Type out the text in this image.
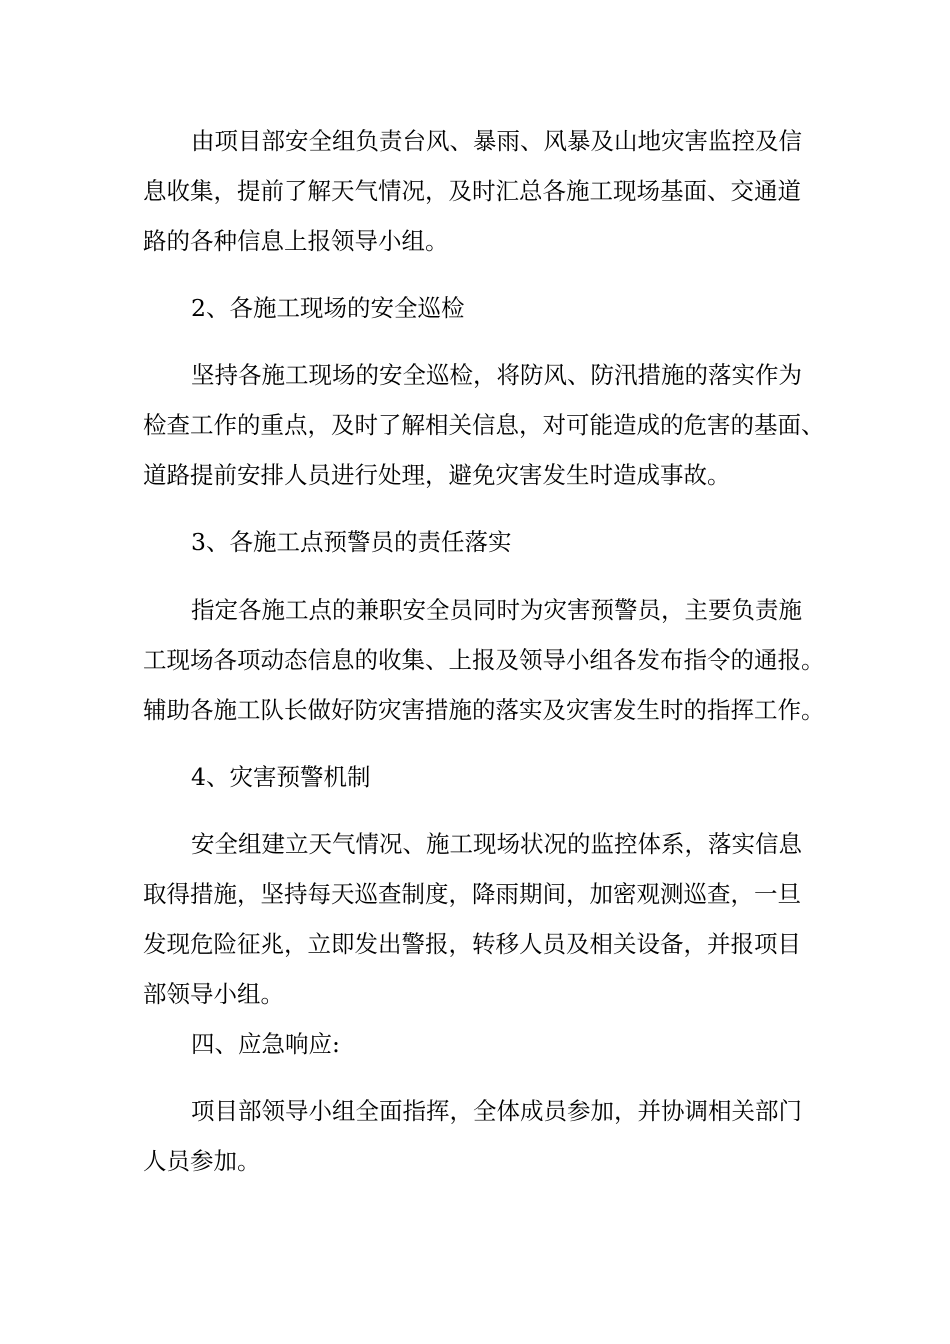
由项目部安全组负责台风、暴雨、风暴及山地灾害监控及信

息收集，提前了解天气情况，及时汇总各施工现场基面、交通道

路的各种信息上报领导小组。

2、各施工现场的安全巡检

坚持各施工现场的安全巡检，将防风、防汛措施的落实作为

检查工作的重点，及时了解相关信息，对可能造成的危害的基面、

道路提前安排人员进行处理，避免灾害发生时造成事故。

3、各施工点预警员的责任落实

指定各施工点的兼职安全员同时为灾害预警员，主要负责施

工现场各项动态信息的收集、上报及领导小组各发布指令的通报。

辅助各施工队长做好防灾害措施的落实及灾害发生时的指挥工作。

4、灾害预警机制

安全组建立天气情况、施工现场状况的监控体系，落实信息

取得措施，坚持每天巡查制度，降雨期间，加密观测巡查，一旦

发现危险征兆，立即发出警报，转移人员及相关设备，并报项目

部领导小组。

四、应急响应:

项目部领导小组全面指挥，全体成员参加，并协调相关部门

人员参加。
